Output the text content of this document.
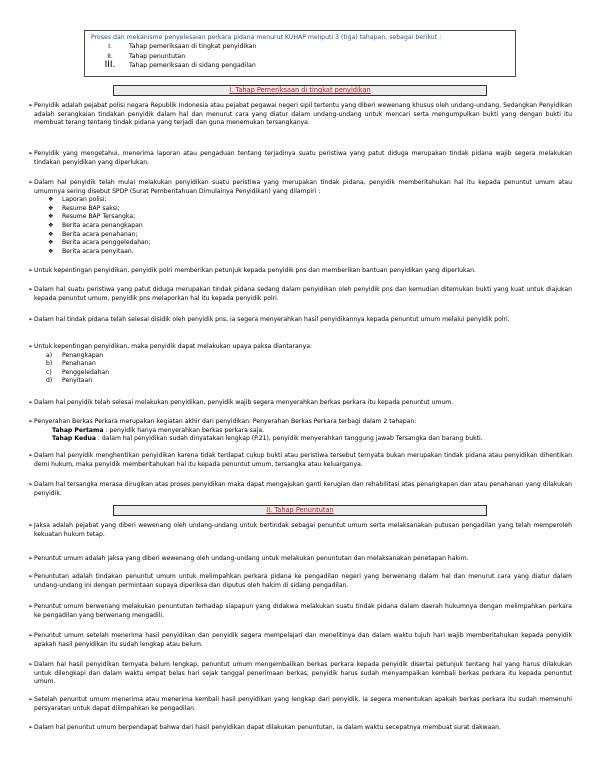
Proses dan mekanisme penyelesaian perkara pidana menurut KUHAP meliputi 3 (tiga) tahapan, sebagai berikut :
I.	Tahap pemeriksaan di tingkat penyidikan
II.	Tahap penuntutan
III.	Tahap pemeriksaan di sidang pengadilan
I. Tahap Pemeriksaan di tingkat penyidikan
➢ Penyidik adalah pejabat polisi negara Republik Indonesia atau pejabat pegawai negeri sipil tertentu yang diberi wewenang khusus oleh undang-undang. Sedangkan Penyidikan adalah serangkaian tindakan penyidik dalam hal dan menurut cara yang diatur dalam undang-undang untuk mencari serta mengumpulkan bukti yang dengan bukti itu membuat terang tentang tindak pidana yang terjadi dan guna menemukan tersangkanya.
➢ Penyidik yang mengetahui, menerima laporan atau pengaduan tentang terjadinya suatu peristiwa yang patut diduga merupakan tindak pidana wajib segera melakukan tindakan penyidikan yang diperlukan.
➢ Dalam hal penyidik telah mulai melakukan penyidikan suatu peristiwa yang merupakan tindak pidana, penyidik memberitahukan hal itu kepada penuntut umum atau umumnya sering disebut SPDP (Surat Pemberitahuan Dimulainya Penyidikan) yang dilampiri :
❖	Laporan polisi;
❖	Resume BAP saksi;
❖	Resume BAP Tersangka;
❖	Berita acara penangkapan
❖	Berita acara penahanan;
❖	Berita acara penggeledahan;
❖	Berita acara penyitaan.
➢ Untuk kepentingan penyidikan, penyidik polri memberikan petunjuk kepada penyidik pns dan memberikan bantuan penyidikan yang diperlukan.
➢ Dalam hal suatu peristiwa yang patut diduga merupakan tindak pidana sedang dalam penyidikan oleh penyidik pns dan kemudian ditemukan bukti yang kuat untuk diajukan kepada penuntut umum, penyidik pns melaporkan hal itu kepada penyidik polri.
➢ Dalam hal tindak pidana telah selesai disidik oleh penyidik pns, ia segera menyerahkan hasil penyidikannya kepada penuntut umum melalui penyidik polri.
➢ Untuk kepentingan penyidikan, maka penyidik dapat melakukan upaya paksa diantaranya:
a)	Penangkapan
b)	Penahanan
c)	Penggeledahan
d)	Penyitaan
➢ Dalam hal penyidik telah selesai melakukan penyidikan, penyidik wajib segera menyerahkan berkas perkara itu kepada penuntut umum.
➢ Penyerahan Berkas Perkara merupakan kegiatan akhir dari penyidikan. Penyerahan Berkas Perkara terbagi dalam 2 tahapan:
Tahap Pertama : penyidik hanya menyerahkan berkas perkara saja.
Tahap Kedua : dalam hal penyidikan sudah dinyatakan lengkap (P.21), penyidik menyerahkan tanggung jawab Tersangka dan barang bukti.
➢ Dalam hal penyidik menghentikan penyidikan karena tidak terdapat cukup bukti atau peristiwa tersebut ternyata bukan merupakan tindak pidana atau penyidikan dihentikan demi hukum, maka penyidik memberitahukan hal itu kepada penuntut umum, tersangka atau keluarganya.
➢ Dalam hal tersangka merasa dirugikan atas proses penyidikan maka dapat mengajukan ganti kerugian dan rehabilitasi atas penangkapan dan atau penahanan yang dilakukan penyidik.
II. Tahap Penuntutan
➢ Jaksa adalah pejabat yang diberi wewenang oleh undang-undang untuk bertindak sebagai penuntut umum serta melaksanakan putusan pengadilan yang telah memperoleh kekuatan hukum tetap.
➢ Penuntut umum adalah jaksa yang diberi wewenang oleh undang-undang untuk melakukan penuntutan dan melaksanakan penetapan hakim.
➢ Penuntutan adalah tindakan penuntut umum untuk melimpahkan perkara pidana ke pengadilan negeri yang berwenang dalam hal dan menurut cara yang diatur dalam undang-undang ini dengan permintaan supaya diperiksa dan diputus oleh hakim di sidang pengadilan.
➢ Penuntut umum berwenang melakukan penuntutan terhadap siapapun yang didakwa melakukan suatu tindak pidana dalam daerah hukumnya dengan melimpahkan perkara ke pengadilan yang berwenang mengadili.
➢ Penuntut umum setelah menerima hasil penyidikan dan penyidik segera mempelajari dan menelitinya dan dalam waktu tujuh hari wajib memberitahukan kepada penyidik apakah hasil penyidikan itu sudah lengkap atau belum.
➢ Dalam hal hasil penyidikan ternyata belum lengkap, penuntut umum mengembalikan berkas perkara kepada penyidik disertai petunjuk tentang hal yang harus dilakukan untuk dilengkapi dan dalam waktu empat belas hari sejak tanggal penerimaan berkas, penyidik harus sudah menyampaikan kembali berkas perkara itu kepada penuntut umum.
➢ Setelah penuntut umum menerima atau menerima kembali hasil penyidikan yang lengkap dari penyidik, ia segera menentukan apakah berkas perkara itu sudah memenuhi persyaratan untuk dapat dilimpahkan ke pengadilan.
➢ Dalam hal penuntut umum berpendapat bahwa dari hasil penyidikan dapat dilakukan penuntutan, ia dalam waktu secepatnya membuat surat dakwaan.
